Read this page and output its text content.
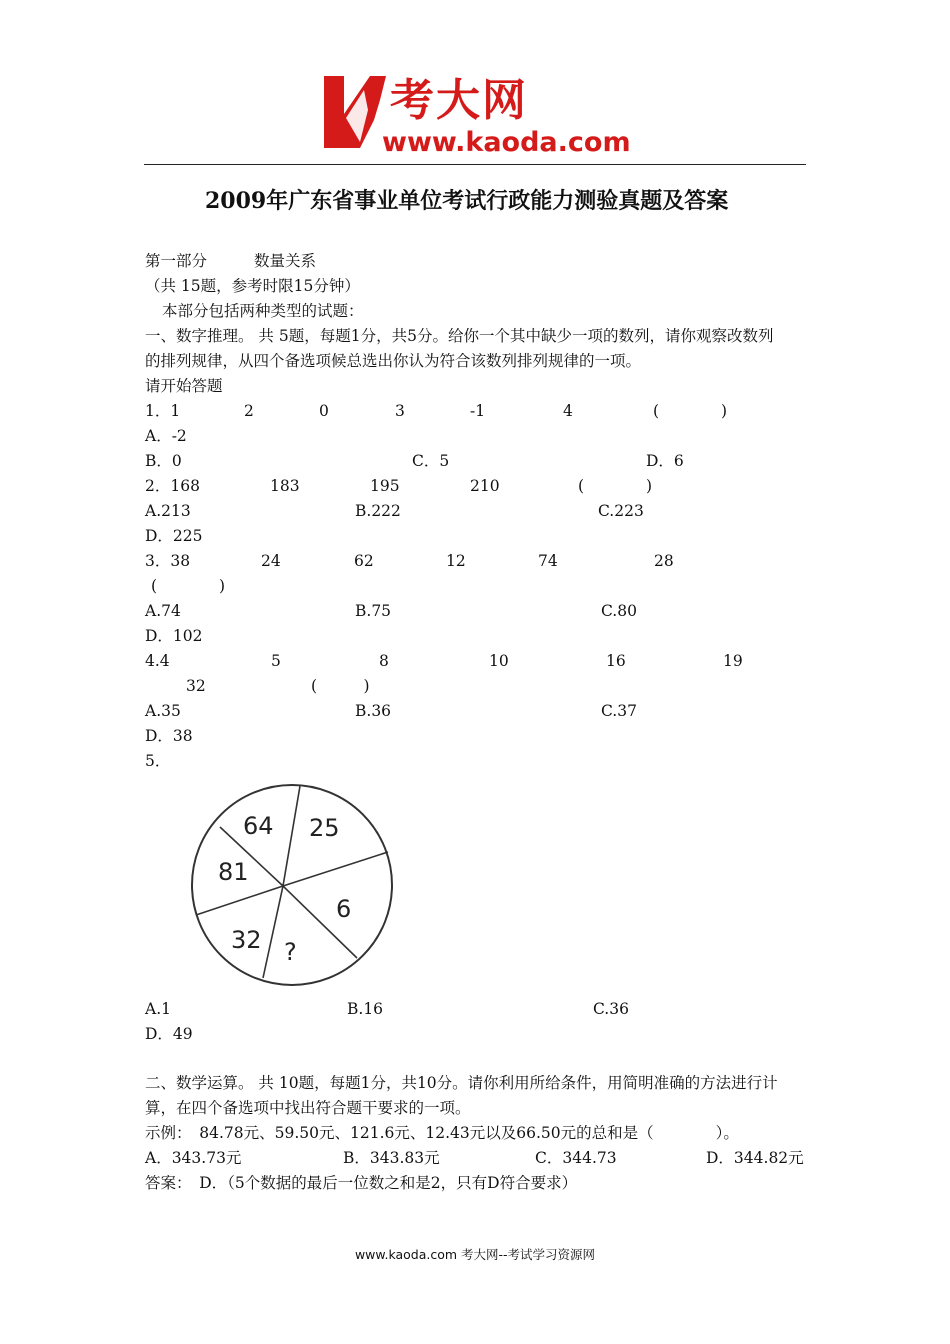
考大网
www.kaoda.com
2009年广东省事业单位考试行政能力测验真题及答案
第一部分	数量关系
（共 15题，参考时限15分钟）
本部分包括两种类型的试题：
一、数字推理。 共 5题，每题1分，共5分。给你一个其中缺少一项的数列，请你观察改数列
的排列规律，从四个备选项候总选出你认为符合该数列排列规律的一项。
请开始答题
1．1	2	0	3	-1	4	(　　　　)
A．-2
B．0	C．5	D．6
2．168	183	195	210	(　　　　)
A.213	B.222	C.223
D．225
3．38	24	62	12	74	28
(　　　　)
A.74	B.75	C.80
D．102
4.4	5	8	10	16	19
32	(　　　)
A.35	B.36	C.37
D．38
5．
64 25
81
6
32 ?
A.1	B.16	C.36
D．49
二、数学运算。 共 10题，每题1分，共10分。请你利用所给条件，用简明准确的方法进行计
算，在四个备选项中找出符合题干要求的一项。
示例：　84.78元、59.50元、121.6元、12.43元以及66.50元的总和是（　　　　）。
A．343.73元	B．343.83元	C．344.73	D．344.82元
答案：　D．（5个数据的最后一位数之和是2，只有D符合要求）
www.kaoda.com 考大网--考试学习资源网
